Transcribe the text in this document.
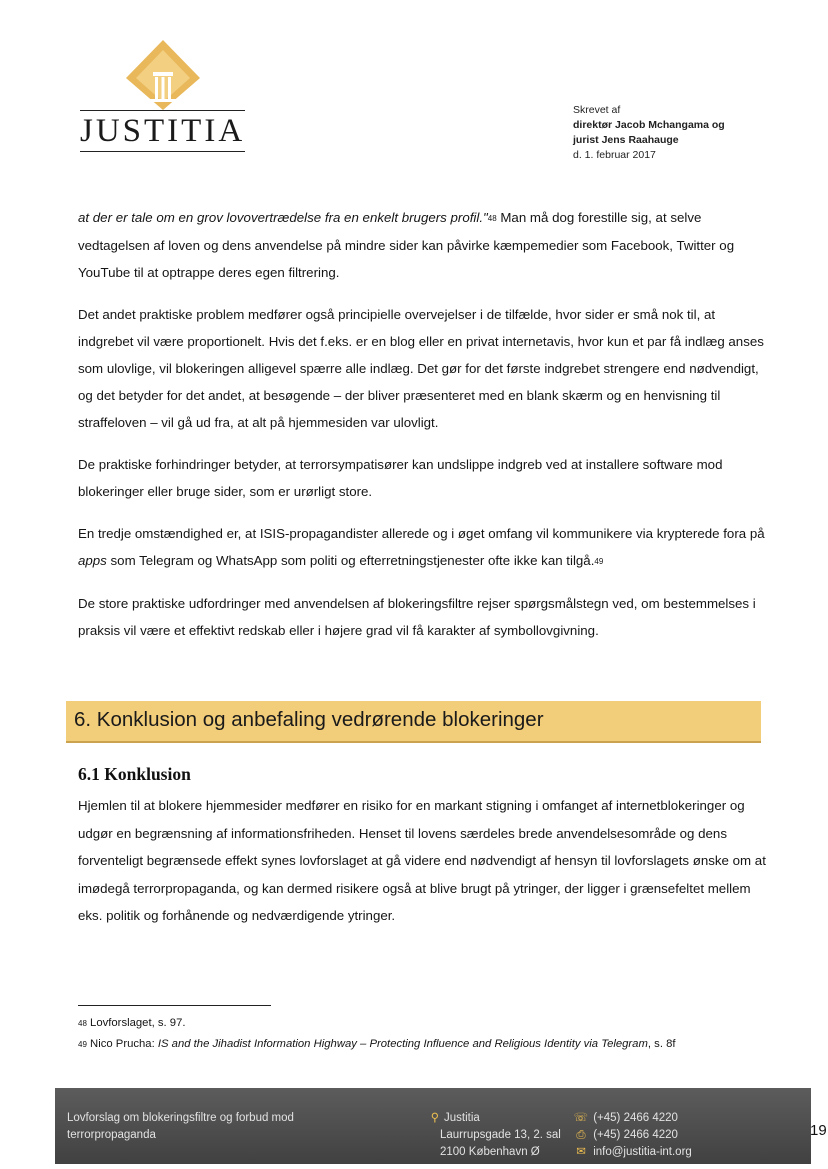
JUSTITIA
Skrevet af
direktør Jacob Mchangama og
jurist Jens Raahauge
d. 1. februar 2017

at der er tale om en grov lovovertrædelse fra en enkelt brugers profil."48 Man må dog forestille sig, at selve vedtagelsen af loven og dens anvendelse på mindre sider kan påvirke kæmpemedier som Facebook, Twitter og YouTube til at optrappe deres egen filtrering.

Det andet praktiske problem medfører også principielle overvejelser i de tilfælde, hvor sider er små nok til, at indgrebet vil være proportionelt. Hvis det f.eks. er en blog eller en privat internetavis, hvor kun et par få indlæg anses som ulovlige, vil blokeringen alligevel spærre alle indlæg. Det gør for det første indgrebet strengere end nødvendigt, og det betyder for det andet, at besøgende – der bliver præsenteret med en blank skærm og en henvisning til straffeloven – vil gå ud fra, at alt på hjemmesiden var ulovligt.

De praktiske forhindringer betyder, at terrorsympatisører kan undslippe indgreb ved at installere software mod blokeringer eller bruge sider, som er urørligt store.

En tredje omstændighed er, at ISIS-propagandister allerede og i øget omfang vil kommunikere via krypterede fora på apps som Telegram og WhatsApp som politi og efterretningstjenester ofte ikke kan tilgå.49

De store praktiske udfordringer med anvendelsen af blokeringsfiltre rejser spørgsmålstegn ved, om bestemmelses i praksis vil være et effektivt redskab eller i højere grad vil få karakter af symbollovgivning.

6. Konklusion og anbefaling vedrørende blokeringer
6.1 Konklusion

Hjemlen til at blokere hjemmesider medfører en risiko for en markant stigning i omfanget af internetblokeringer og udgør en begrænsning af informationsfriheden. Henset til lovens særdeles brede anvendelsesområde og dens forventeligt begrænsede effekt synes lovforslaget at gå videre end nødvendigt af hensyn til lovforslagets ønske om at imødegå terrorpropaganda, og kan dermed risikere også at blive brugt på ytringer, der ligger i grænsefeltet mellem eks. politik og forhånende og nedværdigende ytringer.

48 Lovforslaget, s. 97.
49 Nico Prucha: IS and the Jihadist Information Highway – Protecting Influence and Religious Identity via Telegram, s. 8f
Lovforslag om blokeringsfiltre og forbud mod
terrorpropaganda
⚲ Justitia
Laurrupsgade 13, 2. sal
2100 København Ø
☏ (+45) 2466 4220
⎙ (+45) 2466 4220
✉ info@justitia-int.org
19
